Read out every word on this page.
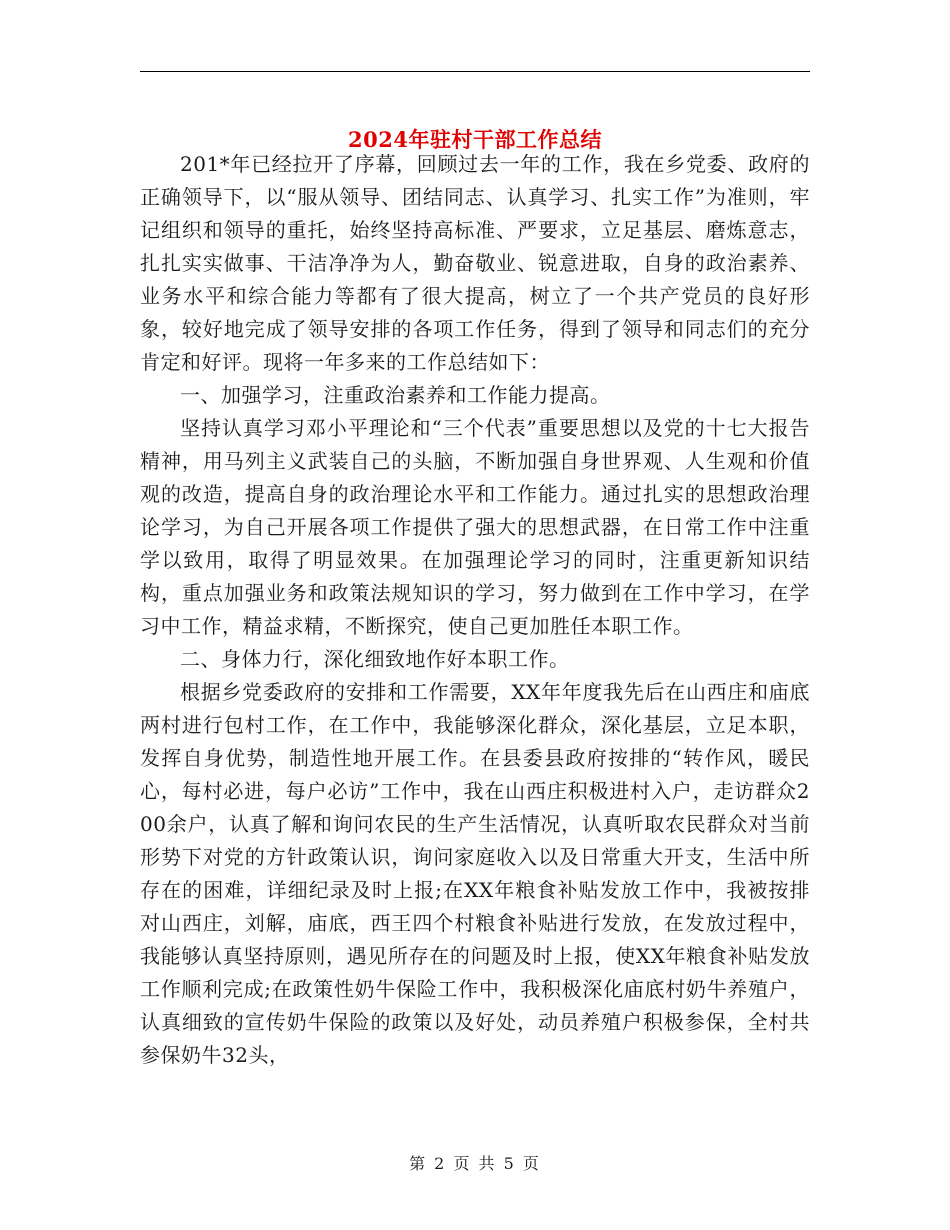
2024年驻村干部工作总结

201*年已经拉开了序幕，回顾过去一年的工作，我在乡党委、政府的正确领导下，以“服从领导、团结同志、认真学习、扎实工作”为准则，牢记组织和领导的重托，始终坚持高标准、严要求，立足基层、磨炼意志，扎扎实实做事、干洁净净为人，勤奋敬业、锐意进取，自身的政治素养、业务水平和综合能力等都有了很大提高，树立了一个共产党员的良好形象，较好地完成了领导安排的各项工作任务，得到了领导和同志们的充分肯定和好评。现将一年多来的工作总结如下：

一、加强学习，注重政治素养和工作能力提高。

坚持认真学习邓小平理论和“三个代表”重要思想以及党的十七大报告精神，用马列主义武装自己的头脑，不断加强自身世界观、人生观和价值观的改造，提高自身的政治理论水平和工作能力。通过扎实的思想政治理论学习，为自己开展各项工作提供了强大的思想武器，在日常工作中注重学以致用，取得了明显效果。在加强理论学习的同时，注重更新知识结构，重点加强业务和政策法规知识的学习，努力做到在工作中学习，在学习中工作，精益求精，不断探究，使自己更加胜任本职工作。

二、身体力行，深化细致地作好本职工作。

根据乡党委政府的安排和工作需要，XX年年度我先后在山西庄和庙底两村进行包村工作，在工作中，我能够深化群众，深化基层，立足本职，发挥自身优势，制造性地开展工作。在县委县政府按排的“转作风，暖民心，每村必进，每户必访”工作中，我在山西庄积极进村入户，走访群众200余户，认真了解和询问农民的生产生活情况，认真听取农民群众对当前形势下对党的方针政策认识，询问家庭收入以及日常重大开支，生活中所存在的困难，详细纪录及时上报;在XX年粮食补贴发放工作中，我被按排对山西庄，刘解，庙底，西王四个村粮食补贴进行发放，在发放过程中，我能够认真坚持原则，遇见所存在的问题及时上报，使XX年粮食补贴发放工作顺利完成;在政策性奶牛保险工作中，我积极深化庙底村奶牛养殖户，认真细致的宣传奶牛保险的政策以及好处，动员养殖户积极参保，全村共参保奶牛32头，

第 2 页 共 5 页
